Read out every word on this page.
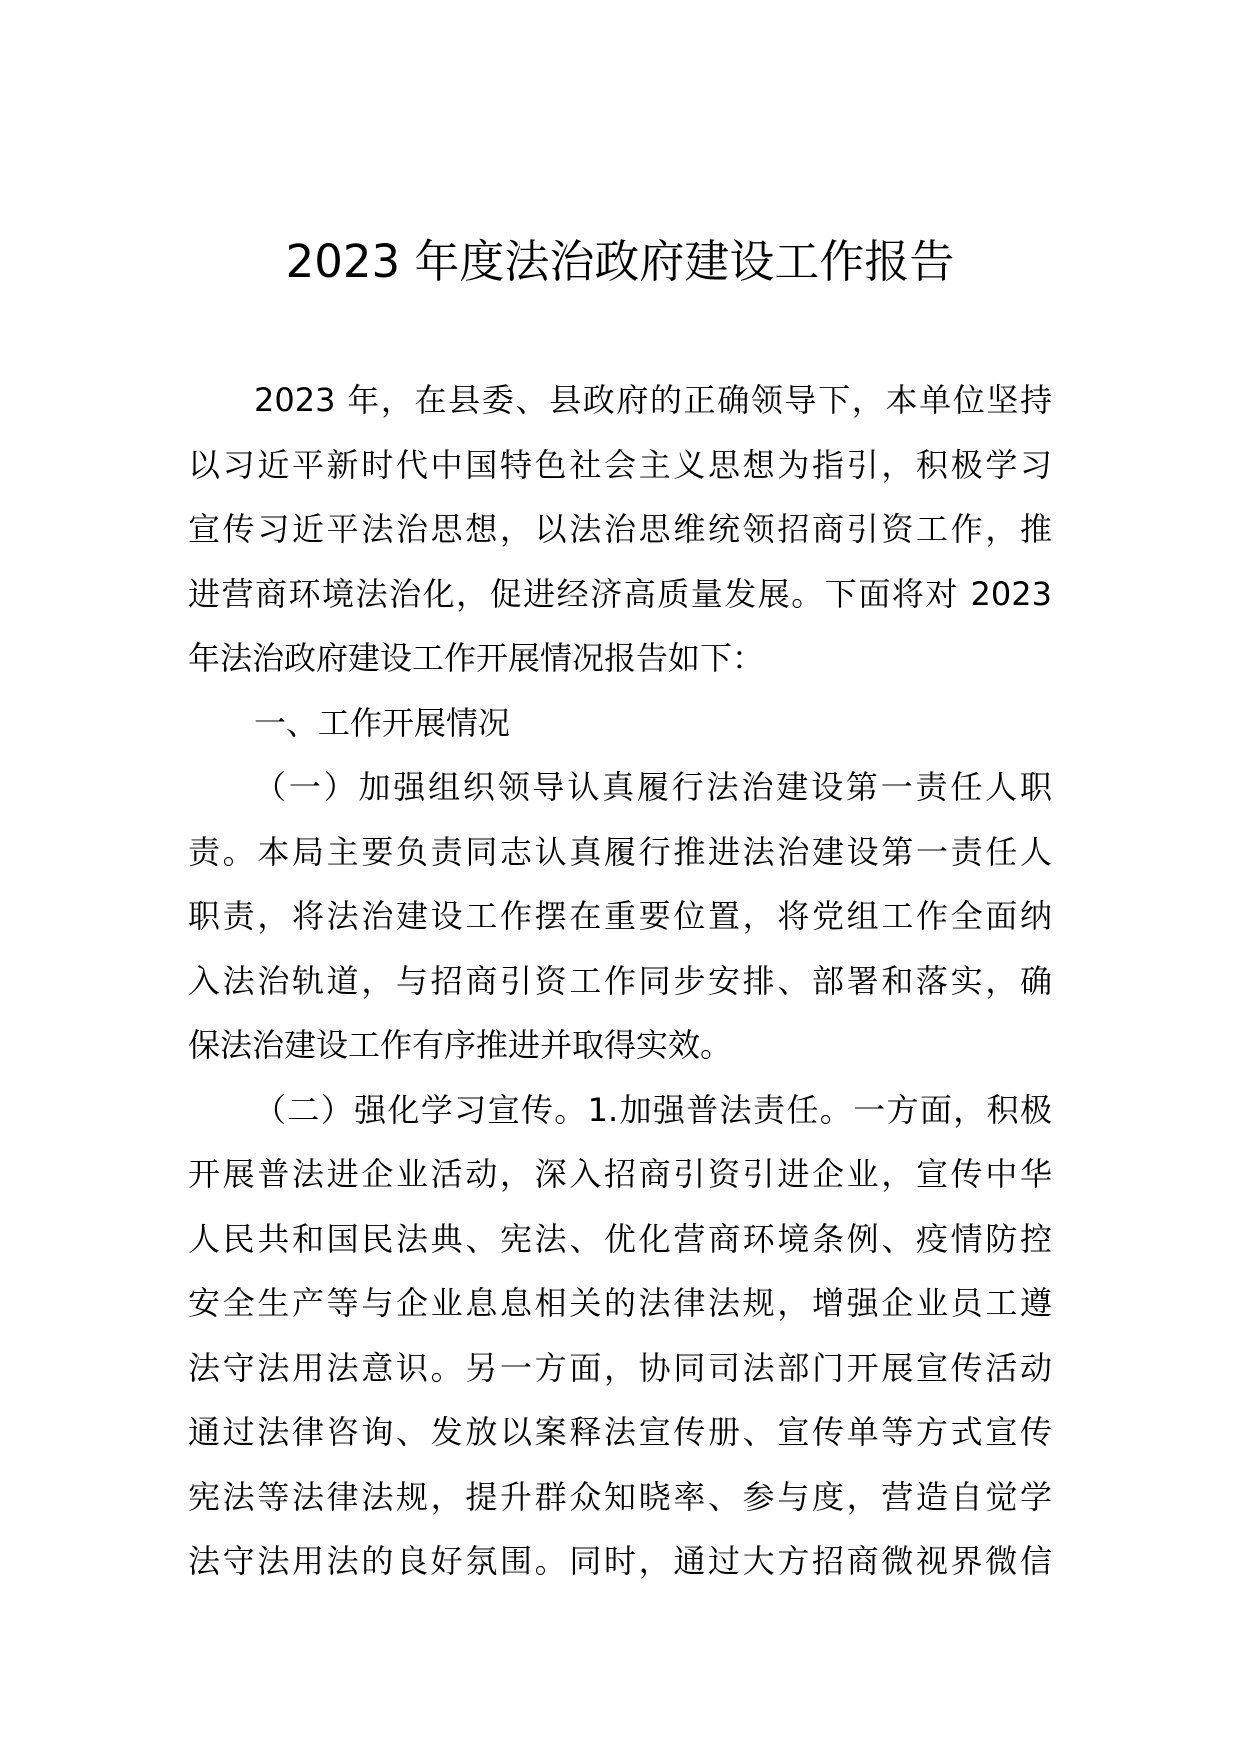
2023 年度法治政府建设工作报告
2023 年，在县委、县政府的正确领导下，本单位坚持
以习近平新时代中国特色社会主义思想为指引，积极学习
宣传习近平法治思想，以法治思维统领招商引资工作，推
进营商环境法治化，促进经济高质量发展。下面将对 2023
年法治政府建设工作开展情况报告如下：
一、工作开展情况
（一）加强组织领导认真履行法治建设第一责任人职
责。本局主要负责同志认真履行推进法治建设第一责任人
职责，将法治建设工作摆在重要位置，将党组工作全面纳
入法治轨道，与招商引资工作同步安排、部署和落实，确
保法治建设工作有序推进并取得实效。
（二）强化学习宣传。1.加强普法责任。一方面，积极
开展普法进企业活动，深入招商引资引进企业，宣传中华
人民共和国民法典、宪法、优化营商环境条例、疫情防控
安全生产等与企业息息相关的法律法规，增强企业员工遵
法守法用法意识。另一方面，协同司法部门开展宣传活动
通过法律咨询、发放以案释法宣传册、宣传单等方式宣传
宪法等法律法规，提升群众知晓率、参与度，营造自觉学
法守法用法的良好氛围。同时，通过大方招商微视界微信
